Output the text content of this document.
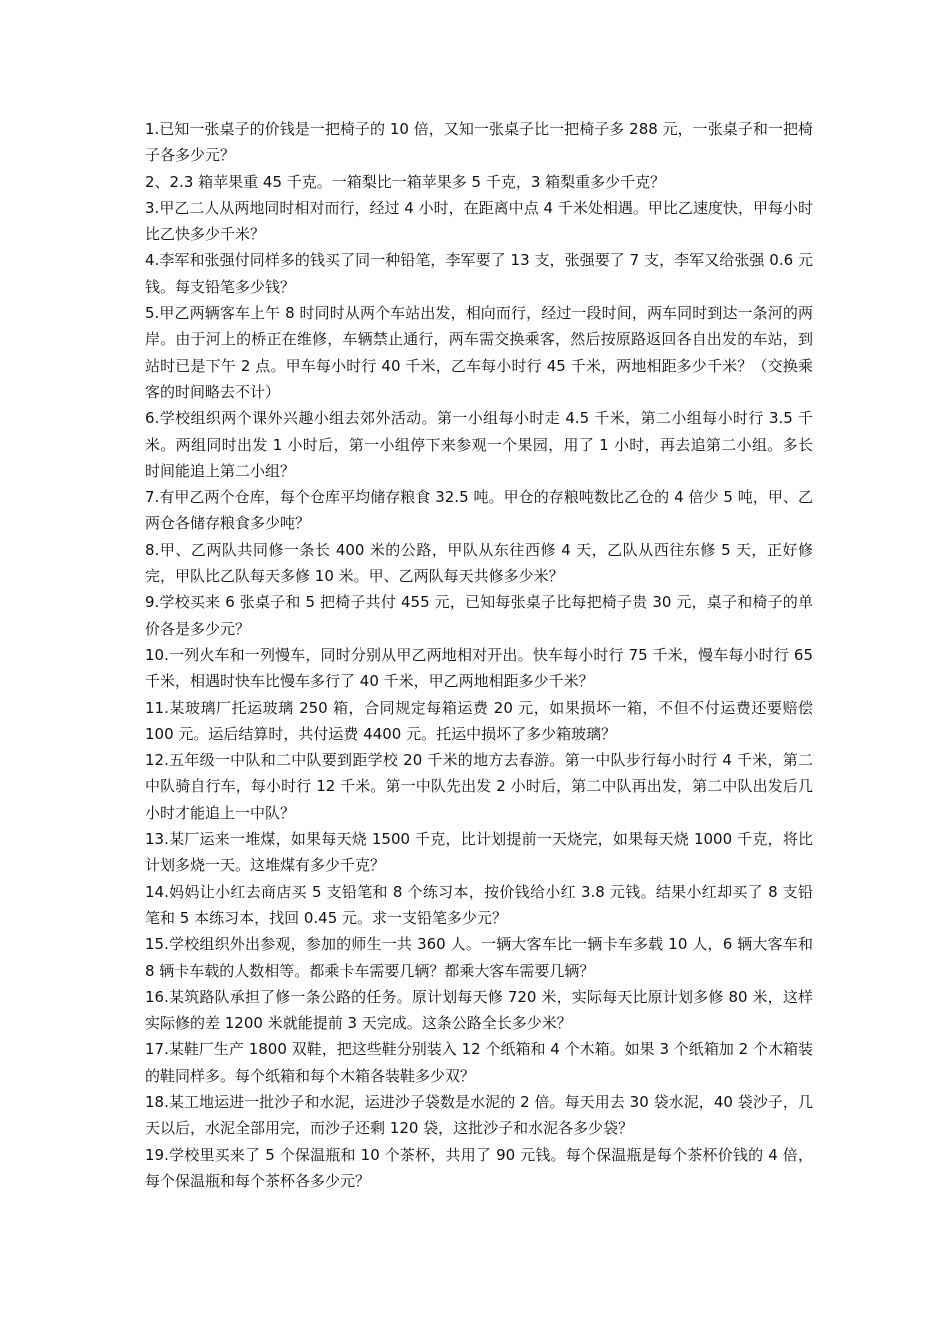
1.已知一张桌子的价钱是一把椅子的 10 倍，又知一张桌子比一把椅子多 288 元，一张桌子和一把椅子各多少元？

2、2.3 箱苹果重 45 千克。一箱梨比一箱苹果多 5 千克，3 箱梨重多少千克？

3.甲乙二人从两地同时相对而行，经过 4 小时，在距离中点 4 千米处相遇。甲比乙速度快，甲每小时比乙快多少千米？

4.李军和张强付同样多的钱买了同一种铅笔，李军要了 13 支，张强要了 7 支，李军又给张强 0.6 元钱。每支铅笔多少钱？

5.甲乙两辆客车上午 8 时同时从两个车站出发，相向而行，经过一段时间，两车同时到达一条河的两岸。由于河上的桥正在维修，车辆禁止通行，两车需交换乘客，然后按原路返回各自出发的车站，到站时已是下午 2 点。甲车每小时行 40 千米，乙车每小时行 45 千米，两地相距多少千米？（交换乘客的时间略去不计）

6.学校组织两个课外兴趣小组去郊外活动。第一小组每小时走 4.5 千米，第二小组每小时行 3.5 千米。两组同时出发 1 小时后，第一小组停下来参观一个果园，用了 1 小时，再去追第二小组。多长时间能追上第二小组？

7.有甲乙两个仓库，每个仓库平均储存粮食 32.5 吨。甲仓的存粮吨数比乙仓的 4 倍少 5 吨，甲、乙两仓各储存粮食多少吨？

8.甲、乙两队共同修一条长 400 米的公路，甲队从东往西修 4 天，乙队从西往东修 5 天，正好修完，甲队比乙队每天多修 10 米。甲、乙两队每天共修多少米？

9.学校买来 6 张桌子和 5 把椅子共付 455 元，已知每张桌子比每把椅子贵 30 元，桌子和椅子的单价各是多少元？

10.一列火车和一列慢车，同时分别从甲乙两地相对开出。快车每小时行 75 千米，慢车每小时行 65 千米，相遇时快车比慢车多行了 40 千米，甲乙两地相距多少千米？

11.某玻璃厂托运玻璃 250 箱，合同规定每箱运费 20 元，如果损坏一箱，不但不付运费还要赔偿 100 元。运后结算时，共付运费 4400 元。托运中损坏了多少箱玻璃？

12.五年级一中队和二中队要到距学校 20 千米的地方去春游。第一中队步行每小时行 4 千米，第二中队骑自行车，每小时行 12 千米。第一中队先出发 2 小时后，第二中队再出发，第二中队出发后几小时才能追上一中队？

13.某厂运来一堆煤，如果每天烧 1500 千克，比计划提前一天烧完，如果每天烧 1000 千克，将比计划多烧一天。这堆煤有多少千克？

14.妈妈让小红去商店买 5 支铅笔和 8 个练习本，按价钱给小红 3.8 元钱。结果小红却买了 8 支铅笔和 5 本练习本，找回 0.45 元。求一支铅笔多少元？

15.学校组织外出参观，参加的师生一共 360 人。一辆大客车比一辆卡车多载 10 人，6 辆大客车和 8 辆卡车载的人数相等。都乘卡车需要几辆？都乘大客车需要几辆？

16.某筑路队承担了修一条公路的任务。原计划每天修 720 米，实际每天比原计划多修 80 米，这样实际修的差 1200 米就能提前 3 天完成。这条公路全长多少米？

17.某鞋厂生产 1800 双鞋，把这些鞋分别装入 12 个纸箱和 4 个木箱。如果 3 个纸箱加 2 个木箱装的鞋同样多。每个纸箱和每个木箱各装鞋多少双？

18.某工地运进一批沙子和水泥，运进沙子袋数是水泥的 2 倍。每天用去 30 袋水泥，40 袋沙子，几天以后，水泥全部用完，而沙子还剩 120 袋，这批沙子和水泥各多少袋？

19.学校里买来了 5 个保温瓶和 10 个茶杯，共用了 90 元钱。每个保温瓶是每个茶杯价钱的 4 倍，每个保温瓶和每个茶杯各多少元？
